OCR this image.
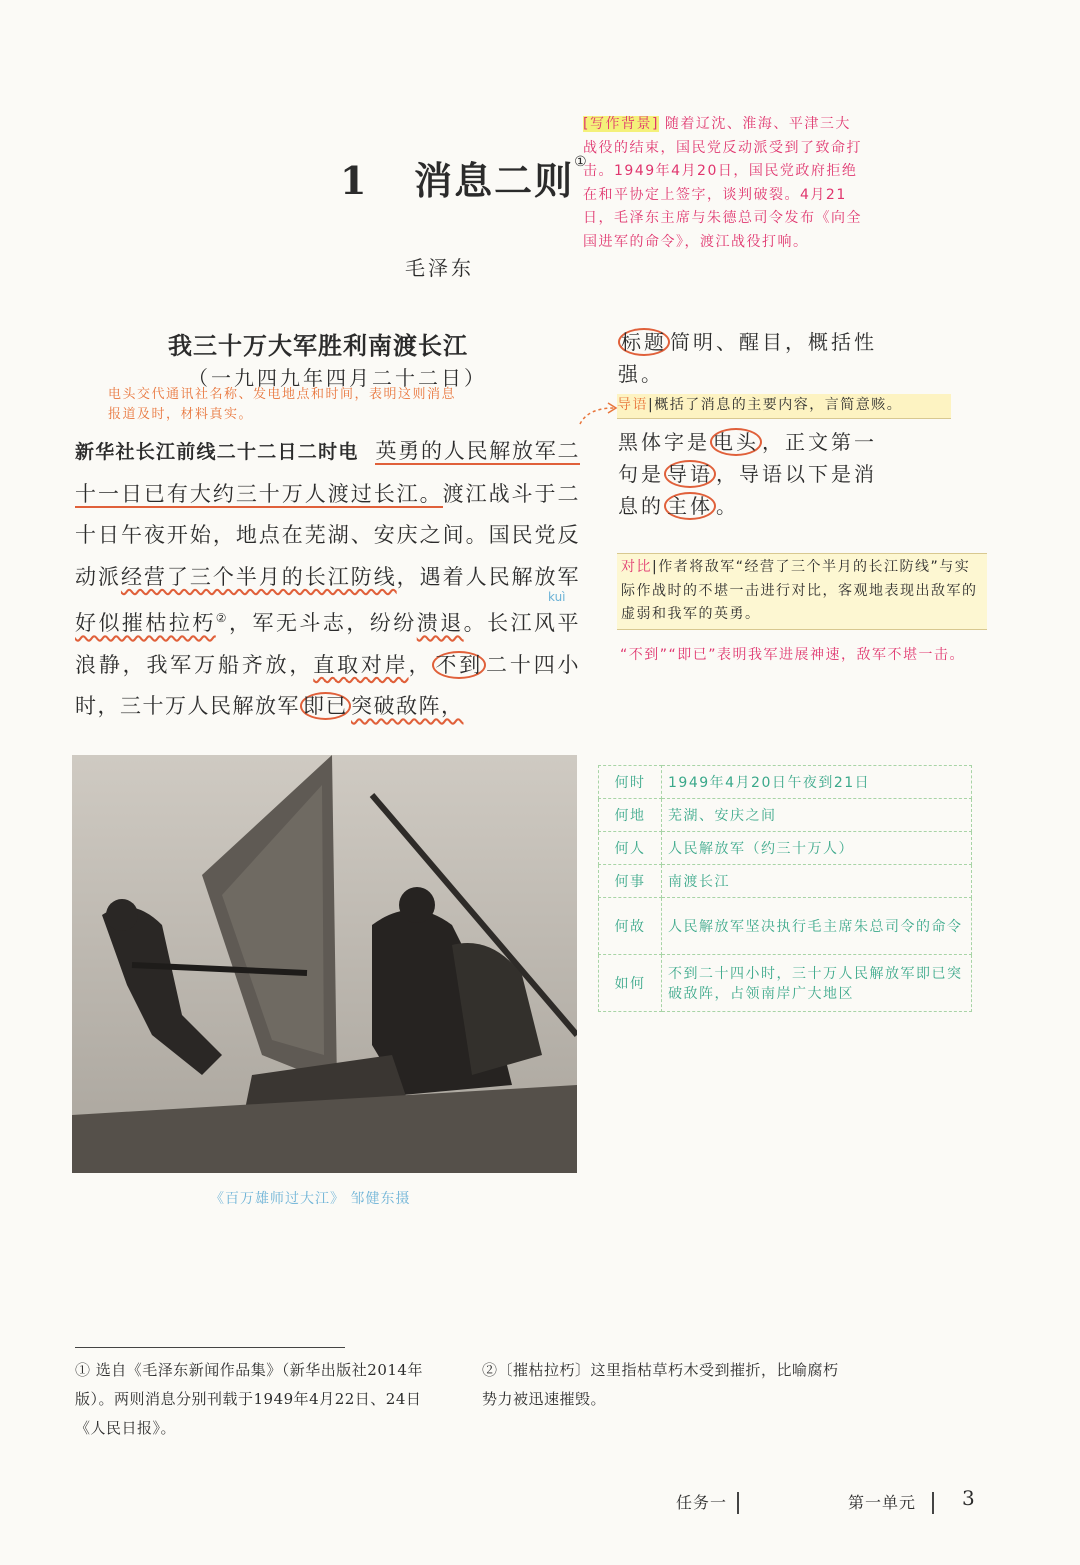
1 消息二则①
毛泽东
[写作背景] 随着辽沈、淮海、平津三大战役的结束，国民党反动派受到了致命打击。1949年4月20日，国民党政府拒绝在和平协定上签字，谈判破裂。4月21日，毛泽东主席与朱德总司令发布《向全国进军的命令》，渡江战役打响。
我三十万大军胜利南渡长江
（一九四九年四月二十二日）
电头交代通讯社名称、发电地点和时间，表明这则消息报道及时，材料真实。
kuì
新华社长江前线二十二日二时电 英勇的人民解放军二十一日已有大约三十万人渡过长江。渡江战斗于二十日午夜开始，地点在芜湖、安庆之间。国民党反动派经营了三个半月的长江防线，遇着人民解放军好似摧枯拉朽②，军无斗志，纷纷溃退。长江风平浪静，我军万船齐放，直取对岸， 不到 二十四小时，三十万人民解放军 即已 突破敌阵，
标题 简明、醒目，概括性强。
导语|概括了消息的主要内容，言简意赅。
黑体字是 电头 ，正文第一句是 导语 ，导语以下是消息的 主体 。
对比|作者将敌军“经营了三个半月的长江防线”与实际作战时的不堪一击进行对比，客观地表现出敌军的虚弱和我军的英勇。
“不到”“即已”表明我军进展神速，敌军不堪一击。
《百万雄师过大江》 邹健东摄
何时	1949年4月20日午夜到21日
何地	芜湖、安庆之间
何人	人民解放军（约三十万人）
何事	南渡长江
何故	人民解放军坚决执行毛主席朱总司令的命令
如何	不到二十四小时，三十万人民解放军即已突破敌阵，占领南岸广大地区
① 选自《毛泽东新闻作品集》（新华出版社2014年版）。两则消息分别刊载于1949年4月22日、24日《人民日报》。
②〔摧枯拉朽〕这里指枯草朽木受到摧折，比喻腐朽势力被迅速摧毁。
任务一	第一单元 3
